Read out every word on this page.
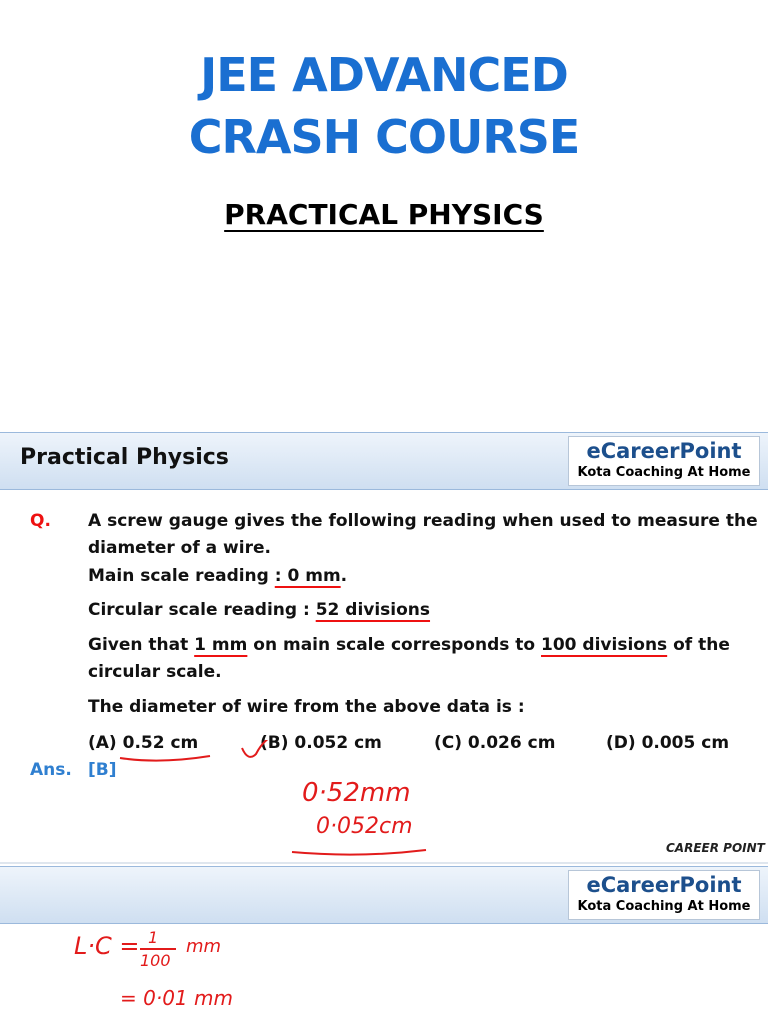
JEE ADVANCED
CRASH COURSE
PRACTICAL PHYSICS
Practical Physics	eCareerPoint
Kota Coaching At Home
Q. A screw gauge gives the following reading when used to measure the
diameter of a wire.
Main scale reading : 0 mm.
Circular scale reading : 52 divisions
Given that 1 mm on main scale corresponds to 100 divisions of the
circular scale.
The diameter of wire from the above data is :
(A) 0.52 cm	(B) 0.052 cm	(C) 0.026 cm	(D) 0.005 cm
Ans. [B]
0·52mm
0·052cm
CAREER POINT
eCareerPoint
Kota Coaching At Home
L·C = 1
100
mm
= 0·01 mm
